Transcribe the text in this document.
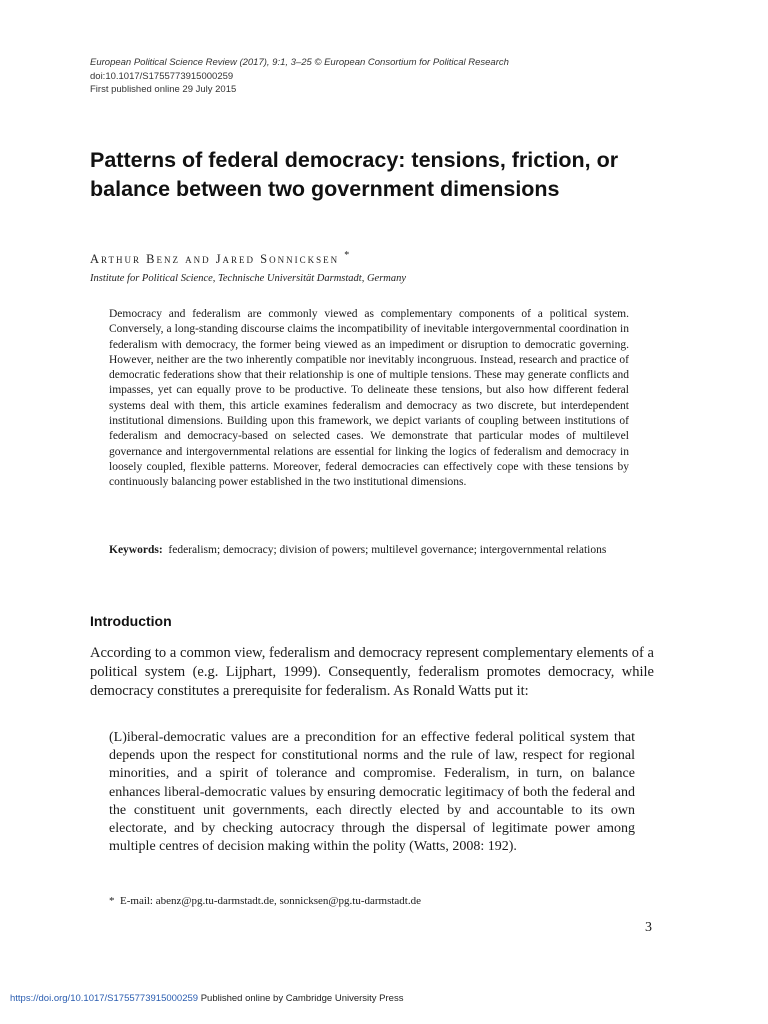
European Political Science Review (2017), 9:1, 3–25 © European Consortium for Political Research
doi:10.1017/S1755773915000259
First published online 29 July 2015
Patterns of federal democracy: tensions, friction, or balance between two government dimensions
Arthur Benz and Jared Sonnicksen *
Institute for Political Science, Technische Universität Darmstadt, Germany

Democracy and federalism are commonly viewed as complementary components of a political system. Conversely, a long-standing discourse claims the incompatibility of inevitable intergovernmental coordination in federalism with democracy, the former being viewed as an impediment or disruption to democratic governing. However, neither are the two inherently compatible nor inevitably incongruous. Instead, research and practice of democratic federations show that their relationship is one of multiple tensions. These may generate conflicts and impasses, yet can equally prove to be productive. To delineate these tensions, but also how different federal systems deal with them, this article examines federalism and democracy as two discrete, but interdependent institutional dimensions. Building upon this framework, we depict variants of coupling between institutions of federalism and democracy-based on selected cases. We demonstrate that particular modes of multilevel governance and intergovernmental relations are essential for linking the logics of federalism and democracy in loosely coupled, flexible patterns. Moreover, federal democracies can effectively cope with these tensions by continuously balancing power established in the two institutional dimensions.

Keywords: federalism; democracy; division of powers; multilevel governance; intergovernmental relations
Introduction

According to a common view, federalism and democracy represent complementary elements of a political system (e.g. Lijphart, 1999). Consequently, federalism promotes democracy, while democracy constitutes a prerequisite for federalism. As Ronald Watts put it:

(L)iberal-democratic values are a precondition for an effective federal political system that depends upon the respect for constitutional norms and the rule of law, respect for regional minorities, and a spirit of tolerance and compromise. Federalism, in turn, on balance enhances liberal-democratic values by ensuring democratic legitimacy of both the federal and the constituent unit governments, each directly elected by and accountable to its own electorate, and by checking autocracy through the dispersal of legitimate power among multiple centres of decision making within the polity (Watts, 2008: 192).

* E-mail: abenz@pg.tu-darmstadt.de, sonnicksen@pg.tu-darmstadt.de
3
https://doi.org/10.1017/S1755773915000259 Published online by Cambridge University Press
